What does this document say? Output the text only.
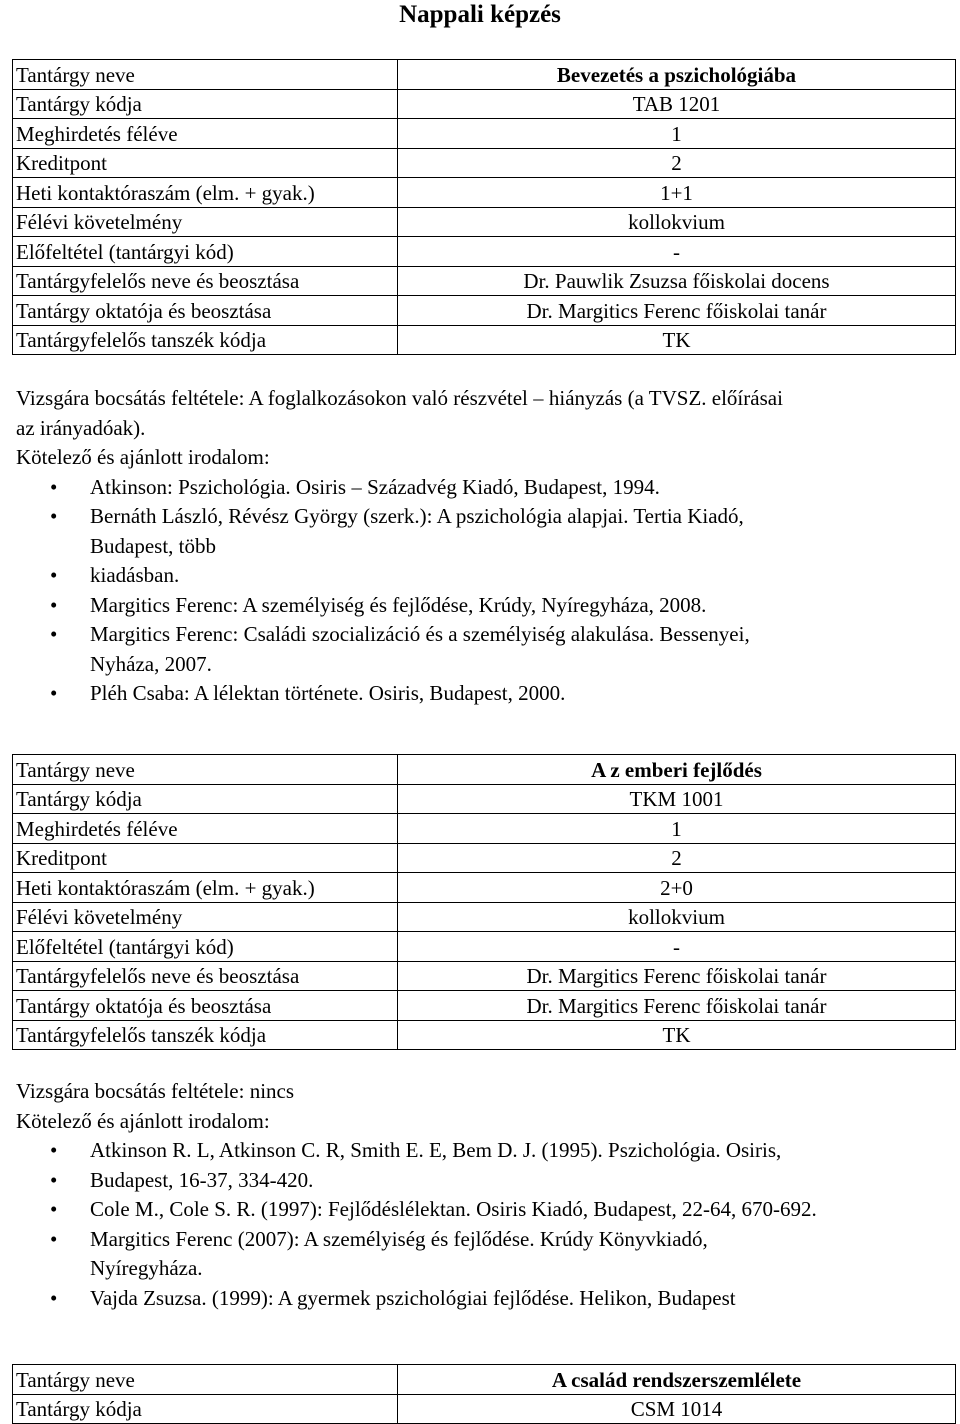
Nappali képzés
Tantárgy neve	Bevezetés a pszichológiába
Tantárgy kódja	TAB 1201
Meghirdetés féléve	1
Kreditpont	2
Heti kontaktóraszám (elm. + gyak.)	1+1
Félévi követelmény	kollokvium
Előfeltétel (tantárgyi kód)	-
Tantárgyfelelős neve és beosztása	Dr. Pauwlik Zsuzsa főiskolai docens
Tantárgy oktatója és beosztása	Dr. Margitics Ferenc főiskolai tanár
Tantárgyfelelős tanszék kódja	TK

Vizsgára bocsátás feltétele: A foglalkozásokon való részvétel ⎯ hiányzás (a TVSZ. előírásai

az irányadóak).

Kötelező és ajánlott irodalom:

• Atkinson: Pszichológia. Osiris ⎯ Századvég Kiadó, Budapest, 1994.
• Bernáth László, Révész György (szerk.): A pszichológia alapjai. Tertia Kiadó,
Budapest, több
• kiadásban.
• Margitics Ferenc: A személyiség és fejlődése, Krúdy, Nyíregyháza, 2008.
• Margitics Ferenc: Családi szocializáció és a személyiség alakulása. Bessenyei,
Nyháza, 2007.
• Pléh Csaba: A lélektan története. Osiris, Budapest, 2000.
Tantárgy neve	A z emberi fejlődés
Tantárgy kódja	TKM 1001
Meghirdetés féléve	1
Kreditpont	2
Heti kontaktóraszám (elm. + gyak.)	2+0
Félévi követelmény	kollokvium
Előfeltétel (tantárgyi kód)	-
Tantárgyfelelős neve és beosztása	Dr. Margitics Ferenc főiskolai tanár
Tantárgy oktatója és beosztása	Dr. Margitics Ferenc főiskolai tanár
Tantárgyfelelős tanszék kódja	TK

Vizsgára bocsátás feltétele: nincs

Kötelező és ajánlott irodalom:

• Atkinson R. L, Atkinson C. R, Smith E. E, Bem D. J. (1995). Pszichológia. Osiris,
• Budapest, 16-37, 334-420.
• Cole M., Cole S. R. (1997): Fejlődéslélektan. Osiris Kiadó, Budapest, 22-64, 670-692.
• Margitics Ferenc (2007): A személyiség és fejlődése. Krúdy Könyvkiadó,
Nyíregyháza.
• Vajda Zsuzsa. (1999): A gyermek pszichológiai fejlődése. Helikon, Budapest
Tantárgy neve	A család rendszerszemlélete
Tantárgy kódja	CSM 1014
